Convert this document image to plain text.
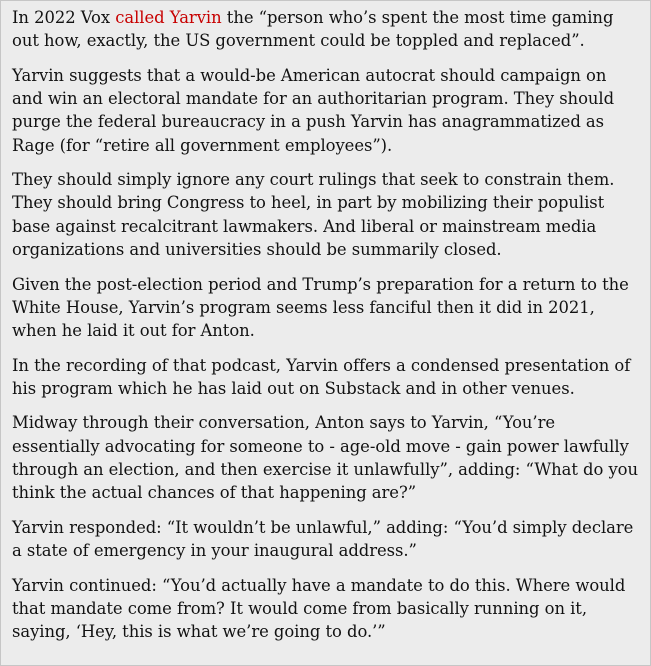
In 2022 Vox called Yarvin the “person who’s spent the most time gaming out how, exactly, the US government could be toppled and replaced”.

Yarvin suggests that a would-be American autocrat should campaign on and win an electoral mandate for an authoritarian program. They should purge the federal bureaucracy in a push Yarvin has anagrammatized as Rage (for “retire all government employees”).

They should simply ignore any court rulings that seek to constrain them. They should bring Congress to heel, in part by mobilizing their populist base against recalcitrant lawmakers. And liberal or mainstream media organizations and universities should be summarily closed.

Given the post-election period and Trump’s preparation for a return to the White House, Yarvin’s program seems less fanciful then it did in 2021, when he laid it out for Anton.

In the recording of that podcast, Yarvin offers a condensed presentation of his program which he has laid out on Substack and in other venues.

Midway through their conversation, Anton says to Yarvin, “You’re essentially advocating for someone to - age-old move - gain power lawfully through an election, and then exercise it unlawfully”, adding: “What do you think the actual chances of that happening are?”

Yarvin responded: “It wouldn’t be unlawful,” adding: “You’d simply declare a state of emergency in your inaugural address.”

Yarvin continued: “You’d actually have a mandate to do this. Where would that mandate come from? It would come from basically running on it, saying, ‘Hey, this is what we’re going to do.’”
